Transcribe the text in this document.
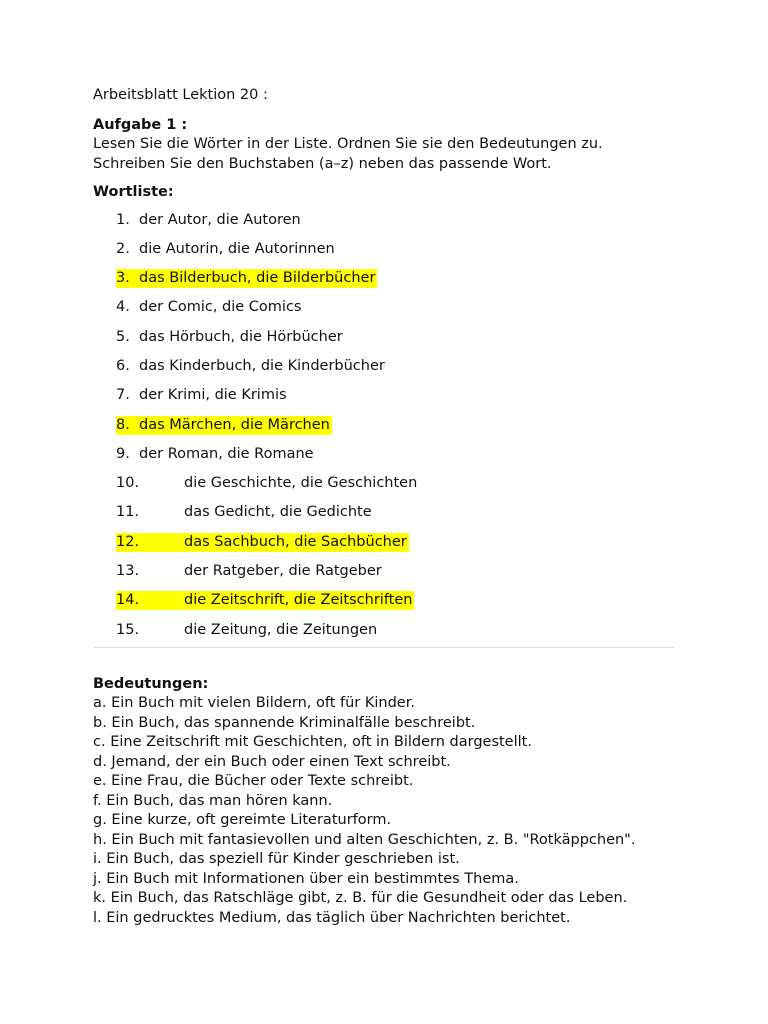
Arbeitsblatt Lektion 20 :
Aufgabe 1 :
Lesen Sie die Wörter in der Liste. Ordnen Sie sie den Bedeutungen zu.
Schreiben Sie den Buchstaben (a–z) neben das passende Wort.
Wortliste:
1. der Autor, die Autoren
2. die Autorin, die Autorinnen
3. das Bilderbuch, die Bilderbücher
4. der Comic, die Comics
5. das Hörbuch, die Hörbücher
6. das Kinderbuch, die Kinderbücher
7. der Krimi, die Krimis
8. das Märchen, die Märchen
9. der Roman, die Romane
10.	die Geschichte, die Geschichten
11.	das Gedicht, die Gedichte
12.	das Sachbuch, die Sachbücher
13.	der Ratgeber, die Ratgeber
14.	die Zeitschrift, die Zeitschriften
15.	die Zeitung, die Zeitungen
Bedeutungen:
a. Ein Buch mit vielen Bildern, oft für Kinder.
b. Ein Buch, das spannende Kriminalfälle beschreibt.
c. Eine Zeitschrift mit Geschichten, oft in Bildern dargestellt.
d. Jemand, der ein Buch oder einen Text schreibt.
e. Eine Frau, die Bücher oder Texte schreibt.
f. Ein Buch, das man hören kann.
g. Eine kurze, oft gereimte Literaturform.
h. Ein Buch mit fantasievollen und alten Geschichten, z. B. "Rotkäppchen".
i. Ein Buch, das speziell für Kinder geschrieben ist.
j. Ein Buch mit Informationen über ein bestimmtes Thema.
k. Ein Buch, das Ratschläge gibt, z. B. für die Gesundheit oder das Leben.
l. Ein gedrucktes Medium, das täglich über Nachrichten berichtet.
